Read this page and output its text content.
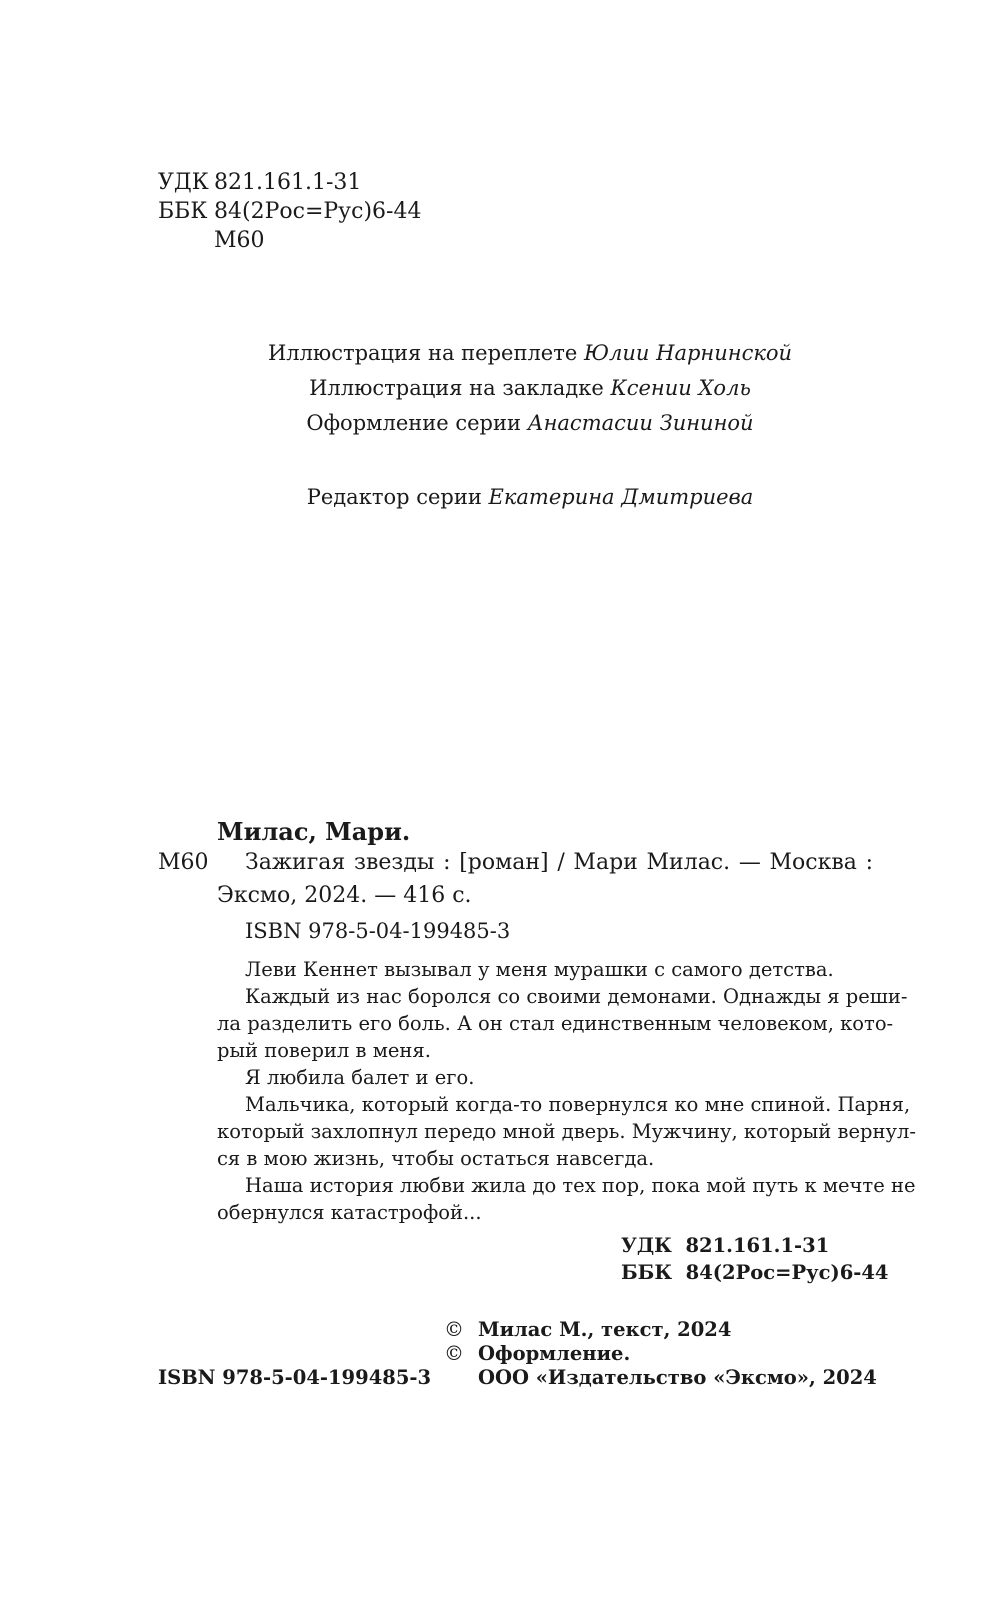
УДК 821.161.1-31
ББК 84(2Рос=Рус)6-44
М60
Иллюстрация на переплете Юлии Нарнинской
Иллюстрация на закладке Ксении Холь
Оформление серии Анастасии Зининой
Редактор серии Екатерина Дмитриева
Милас, Мари.
М60 Зажигая звезды : [роман] / Мари Милас. — Москва :
Эксмо, 2024. — 416 с.
ISBN 978-5-04-199485-3
Леви Кеннет вызывал у меня мурашки с самого детства.
Каждый из нас боролся со своими демонами. Однажды я реши-
ла разделить его боль. А он стал единственным человеком, кото-
рый поверил в меня.
Я любила балет и его.
Мальчика, который когда-то повернулся ко мне спиной. Парня,
который захлопнул передо мной дверь. Мужчину, который вернул-
ся в мою жизнь, чтобы остаться навсегда.
Наша история любви жила до тех пор, пока мой путь к мечте не
обернулся катастрофой...
УДК  821.161.1-31
ББК  84(2Рос=Рус)6-44
© Милас М., текст, 2024
© Оформление.
ISBN 978-5-04-199485-3 ООО «Издательство «Эксмо», 2024
